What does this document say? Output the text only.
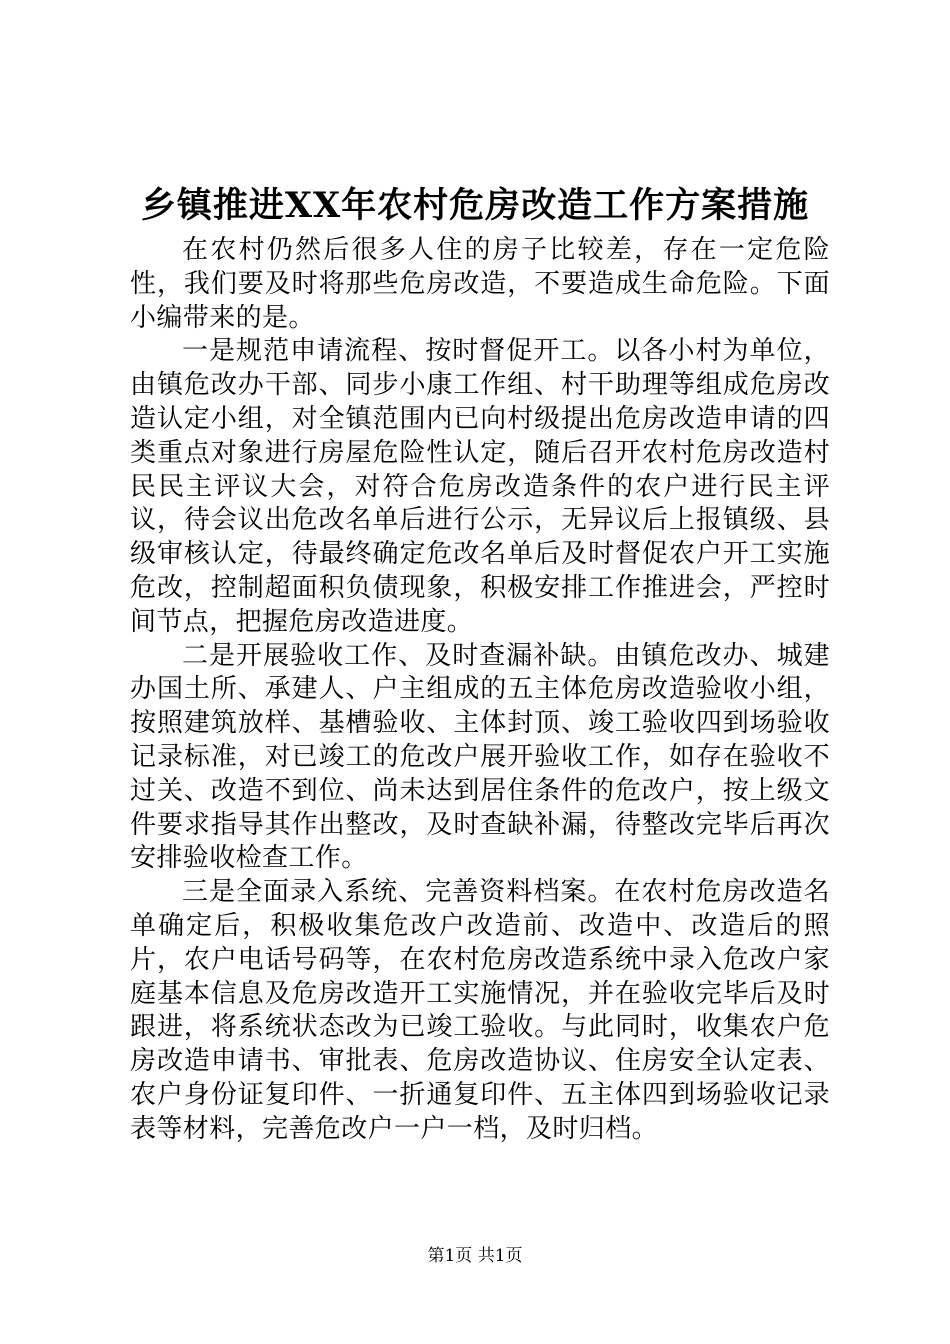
乡镇推进XX年农村危房改造工作方案措施

在农村仍然后很多人住的房子比较差，存在一定危险性，我们要及时将那些危房改造，不要造成生命危险。下面小编带来的是。

一是规范申请流程、按时督促开工。以各小村为单位，由镇危改办干部、同步小康工作组、村干助理等组成危房改造认定小组，对全镇范围内已向村级提出危房改造申请的四类重点对象进行房屋危险性认定，随后召开农村危房改造村民民主评议大会，对符合危房改造条件的农户进行民主评议，待会议出危改名单后进行公示，无异议后上报镇级、县级审核认定，待最终确定危改名单后及时督促农户开工实施危改，控制超面积负债现象，积极安排工作推进会，严控时间节点，把握危房改造进度。

二是开展验收工作、及时查漏补缺。由镇危改办、城建办国土所、承建人、户主组成的五主体危房改造验收小组，按照建筑放样、基槽验收、主体封顶、竣工验收四到场验收记录标准，对已竣工的危改户展开验收工作，如存在验收不过关、改造不到位、尚未达到居住条件的危改户，按上级文件要求指导其作出整改，及时查缺补漏，待整改完毕后再次安排验收检查工作。

三是全面录入系统、完善资料档案。在农村危房改造名单确定后，积极收集危改户改造前、改造中、改造后的照片，农户电话号码等，在农村危房改造系统中录入危改户家庭基本信息及危房改造开工实施情况，并在验收完毕后及时跟进，将系统状态改为已竣工验收。与此同时，收集农户危房改造申请书、审批表、危房改造协议、住房安全认定表、农户身份证复印件、一折通复印件、五主体四到场验收记录表等材料，完善危改户一户一档，及时归档。

第1页 共1页
